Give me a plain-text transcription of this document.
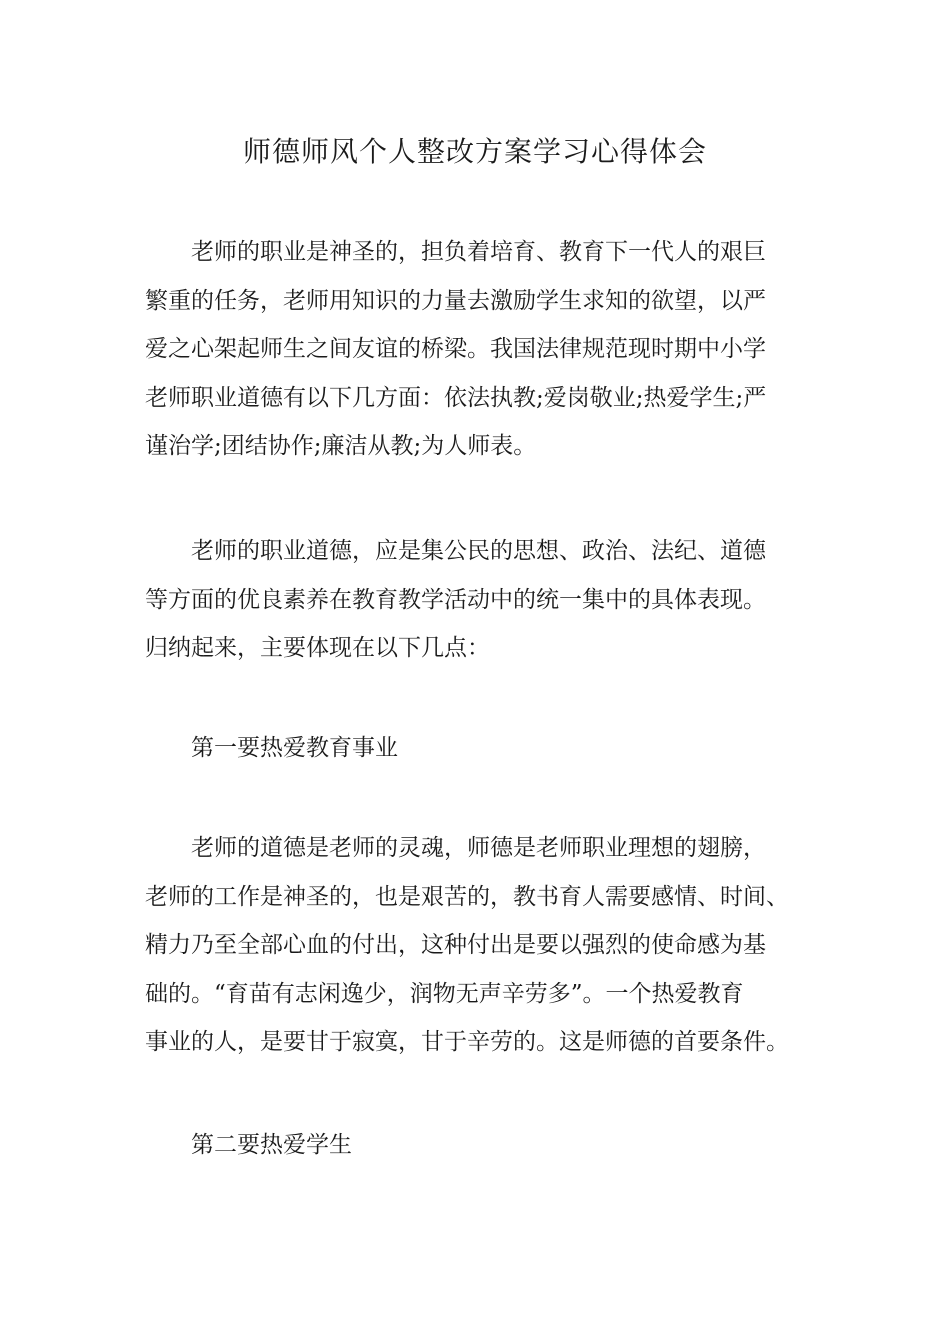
师德师风个人整改方案学习心得体会
老师的职业是神圣的，担负着培育、教育下一代人的艰巨
繁重的任务，老师用知识的力量去激励学生求知的欲望，以严
爱之心架起师生之间友谊的桥梁。我国法律规范现时期中小学
老师职业道德有以下几方面：依法执教;爱岗敬业;热爱学生;严
谨治学;团结协作;廉洁从教;为人师表。
老师的职业道德，应是集公民的思想、政治、法纪、道德
等方面的优良素养在教育教学活动中的统一集中的具体表现。
归纳起来，主要体现在以下几点：
第一要热爱教育事业
老师的道德是老师的灵魂，师德是老师职业理想的翅膀，
老师的工作是神圣的，也是艰苦的，教书育人需要感情、时间、
精力乃至全部心血的付出，这种付出是要以强烈的使命感为基
础的。“育苗有志闲逸少，润物无声辛劳多”。一个热爱教育
事业的人，是要甘于寂寞，甘于辛劳的。这是师德的首要条件。
第二要热爱学生
